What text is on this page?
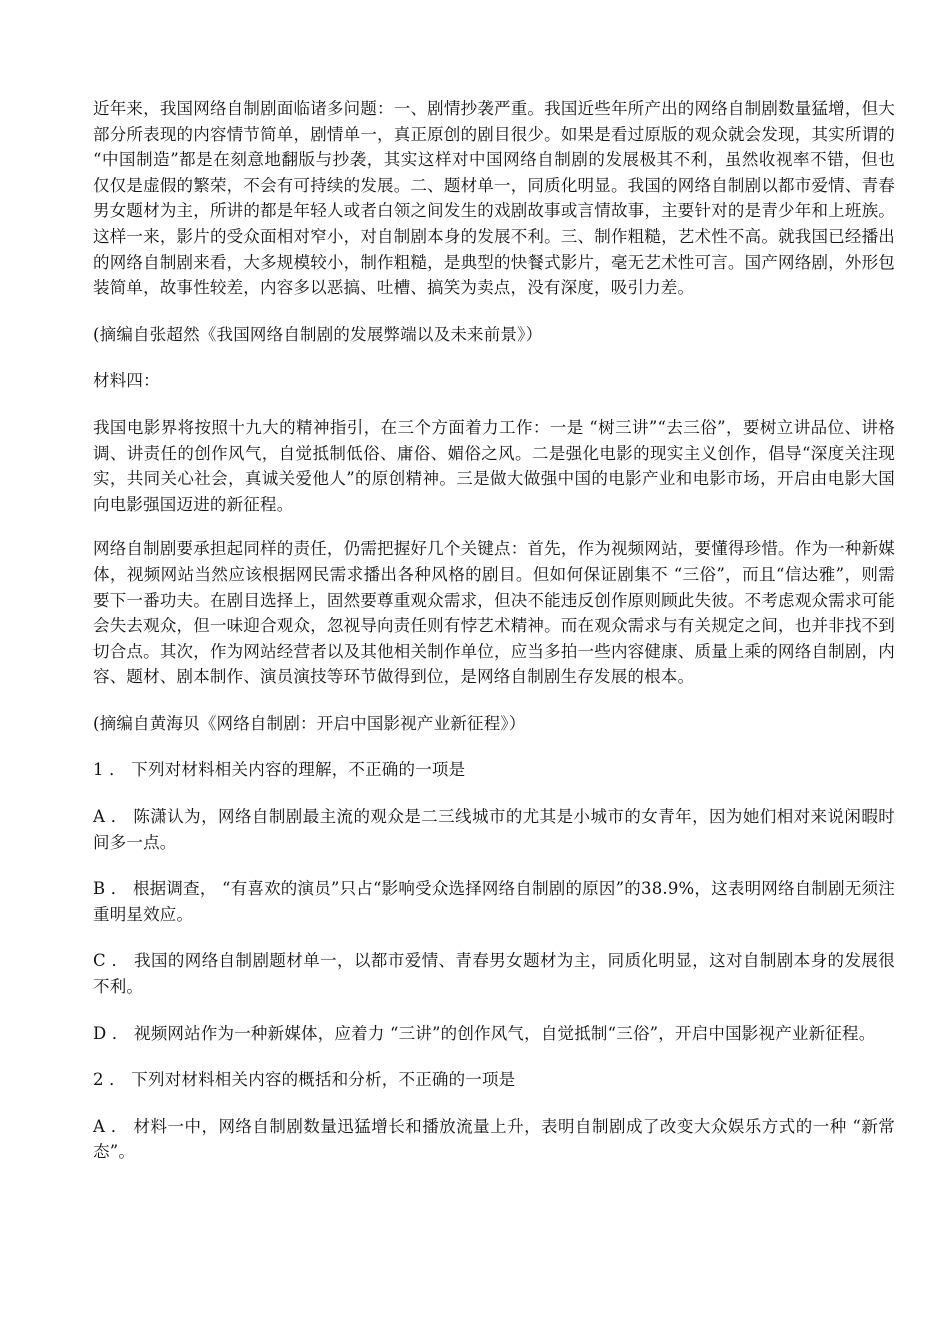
近年来，我国网络自制剧面临诸多问题：一、剧情抄袭严重。我国近些年所产出的网络自制剧数量猛增，但大部分所表现的内容情节简单，剧情单一，真正原创的剧目很少。如果是看过原版的观众就会发现，其实所谓的 “中国制造”都是在刻意地翻版与抄袭，其实这样对中国网络自制剧的发展极其不利，虽然收视率不错，但也仅仅是虚假的繁荣，不会有可持续的发展。二、题材单一，同质化明显。我国的网络自制剧以都市爱情、青春男女题材为主，所讲的都是年轻人或者白领之间发生的戏剧故事或言情故事，主要针对的是青少年和上班族。这样一来，影片的受众面相对窄小，对自制剧本身的发展不利。三、制作粗糙，艺术性不高。就我国已经播出的网络自制剧来看，大多规模较小，制作粗糙，是典型的快餐式影片，毫无艺术性可言。国产网络剧，外形包装简单，故事性较差，内容多以恶搞、吐槽、搞笑为卖点，没有深度，吸引力差。

(摘编自张超然《我国网络自制剧的发展弊端以及未来前景》）

材料四：

我国电影界将按照十九大的精神指引，在三个方面着力工作：一是 “树三讲”“去三俗”，要树立讲品位、讲格调、讲责任的创作风气，自觉抵制低俗、庸俗、媚俗之风。二是强化电影的现实主义创作，倡导“深度关注现实，共同关心社会，真诚关爱他人”的原创精神。三是做大做强中国的电影产业和电影市场，开启由电影大国向电影强国迈进的新征程。

网络自制剧要承担起同样的责任，仍需把握好几个关键点：首先，作为视频网站，要懂得珍惜。作为一种新媒体，视频网站当然应该根据网民需求播出各种风格的剧目。但如何保证剧集不 “三俗”，而且“信达雅”，则需要下一番功夫。在剧目选择上，固然要尊重观众需求，但决不能违反创作原则顾此失彼。不考虑观众需求可能会失去观众，但一味迎合观众，忽视导向责任则有悖艺术精神。而在观众需求与有关规定之间，也并非找不到切合点。其次，作为网站经营者以及其他相关制作单位，应当多拍一些内容健康、质量上乘的网络自制剧，内容、题材、剧本制作、演员演技等环节做得到位，是网络自制剧生存发展的根本。

(摘编自黄海贝《网络自制剧：开启中国影视产业新征程》）

1 ． 下列对材料相关内容的理解，不正确的一项是

A ． 陈潇认为，网络自制剧最主流的观众是二三线城市的尤其是小城市的女青年，因为她们相对来说闲暇时间多一点。

B ． 根据调查， “有喜欢的演员”只占“影响受众选择网络自制剧的原因”的38.9%，这表明网络自制剧无须注重明星效应。

C ． 我国的网络自制剧题材单一，以都市爱情、青春男女题材为主，同质化明显，这对自制剧本身的发展很不利。

D ． 视频网站作为一种新媒体，应着力 “三讲”的创作风气，自觉抵制“三俗”，开启中国影视产业新征程。

2 ． 下列对材料相关内容的概括和分析，不正确的一项是

A ． 材料一中，网络自制剧数量迅猛增长和播放流量上升，表明自制剧成了改变大众娱乐方式的一种 “新常态”。
